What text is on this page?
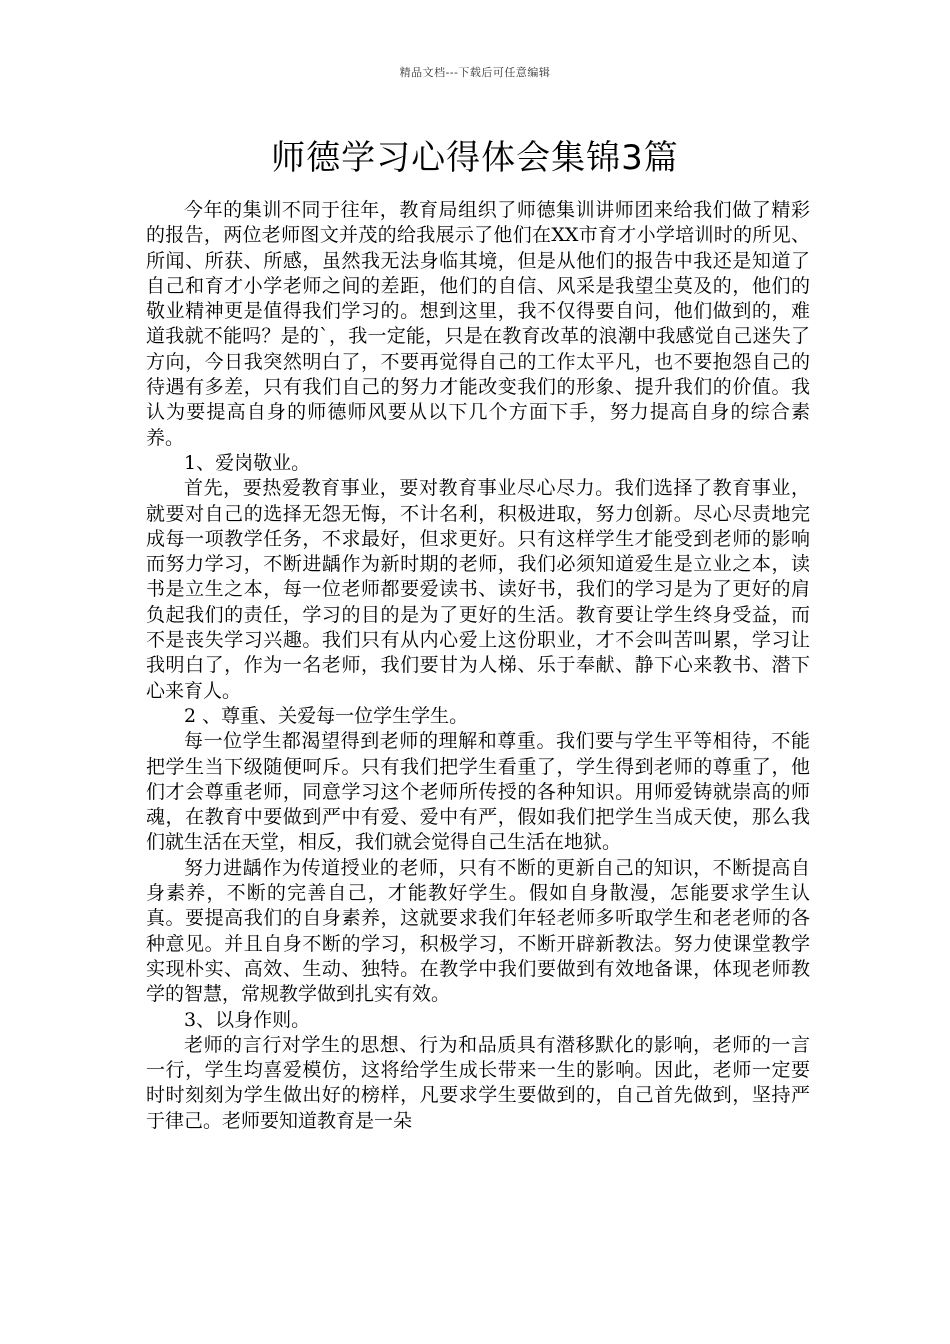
精品文档---下载后可任意编辑
师德学习心得体会集锦3篇

今年的集训不同于往年，教育局组织了师德集训讲师团来给我们做了精彩的报告，两位老师图文并茂的给我展示了他们在XX市育才小学培训时的所见、所闻、所获、所感，虽然我无法身临其境，但是从他们的报告中我还是知道了自己和育才小学老师之间的差距，他们的自信、风采是我望尘莫及的，他们的敬业精神更是值得我们学习的。想到这里，我不仅得要自问，他们做到的，难道我就不能吗？是的`，我一定能，只是在教育改革的浪潮中我感觉自己迷失了方向，今日我突然明白了，不要再觉得自己的工作太平凡，也不要抱怨自己的待遇有多差，只有我们自己的努力才能改变我们的形象、提升我们的价值。我认为要提高自身的师德师风要从以下几个方面下手，努力提高自身的综合素养。

1、爱岗敬业。

首先，要热爱教育事业，要对教育事业尽心尽力。我们选择了教育事业，就要对自己的选择无怨无悔，不计名利，积极进取，努力创新。尽心尽责地完成每一项教学任务，不求最好，但求更好。只有这样学生才能受到老师的影响而努力学习，不断进龋作为新时期的老师，我们必须知道爱生是立业之本，读书是立生之本，每一位老师都要爱读书、读好书，我们的学习是为了更好的肩负起我们的责任，学习的目的是为了更好的生活。教育要让学生终身受益，而不是丧失学习兴趣。我们只有从内心爱上这份职业，才不会叫苦叫累，学习让我明白了，作为一名老师，我们要甘为人梯、乐于奉献、静下心来教书、潜下心来育人。

2 、尊重、关爱每一位学生学生。

每一位学生都渴望得到老师的理解和尊重。我们要与学生平等相待，不能把学生当下级随便呵斥。只有我们把学生看重了，学生得到老师的尊重了，他们才会尊重老师，同意学习这个老师所传授的各种知识。用师爱铸就崇高的师魂，在教育中要做到严中有爱、爱中有严，假如我们把学生当成天使，那么我们就生活在天堂，相反，我们就会觉得自己生活在地狱。

努力进龋作为传道授业的老师，只有不断的更新自己的知识，不断提高自身素养，不断的完善自己，才能教好学生。假如自身散漫，怎能要求学生认真。要提高我们的自身素养，这就要求我们年轻老师多听取学生和老老师的各种意见。并且自身不断的学习，积极学习，不断开辟新教法。努力使课堂教学实现朴实、高效、生动、独特。在教学中我们要做到有效地备课，体现老师教学的智慧，常规教学做到扎实有效。

3、以身作则。

老师的言行对学生的思想、行为和品质具有潜移默化的影响，老师的一言一行，学生均喜爱模仿，这将给学生成长带来一生的影响。因此，老师一定要时时刻刻为学生做出好的榜样，凡要求学生要做到的，自己首先做到，坚持严于律己。老师要知道教育是一朵
